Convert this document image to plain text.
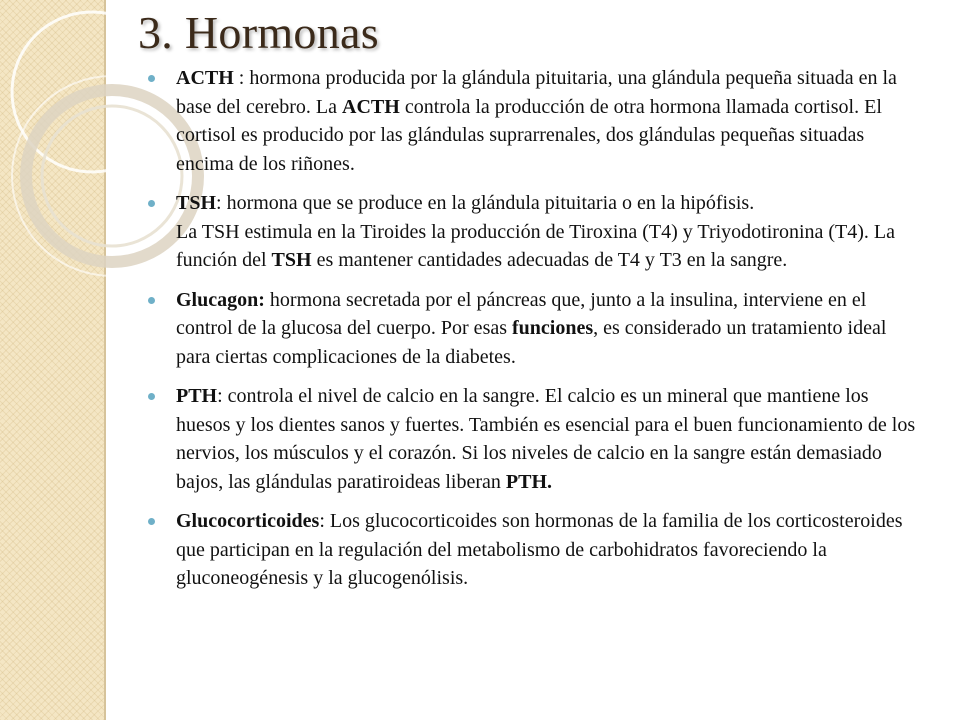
3. Hormonas
ACTH : hormona producida por la glándula pituitaria, una glándula pequeña situada en la base del cerebro. La ACTH controla la producción de otra hormona llamada cortisol. El cortisol es producido por las glándulas suprarrenales, dos glándulas pequeñas situadas encima de los riñones.
TSH: hormona que se produce en la glándula pituitaria o en la hipófisis.
La TSH estimula en la Tiroides la producción de Tiroxina (T4) y Triyodotironina (T4). La función del TSH es mantener cantidades adecuadas de T4 y T3 en la sangre.
Glucagon: hormona secretada por el páncreas que, junto a la insulina, interviene en el control de la glucosa del cuerpo. Por esas funciones, es considerado un tratamiento ideal para ciertas complicaciones de la diabetes.
PTH: controla el nivel de calcio en la sangre. El calcio es un mineral que mantiene los huesos y los dientes sanos y fuertes. También es esencial para el buen funcionamiento de los nervios, los músculos y el corazón. Si los niveles de calcio en la sangre están demasiado bajos, las glándulas paratiroideas liberan PTH.
Glucocorticoides: Los glucocorticoides son hormonas de la familia de los corticosteroides que participan en la regulación del metabolismo de carbohidratos favoreciendo la gluconeogénesis y la glucogenólisis.
